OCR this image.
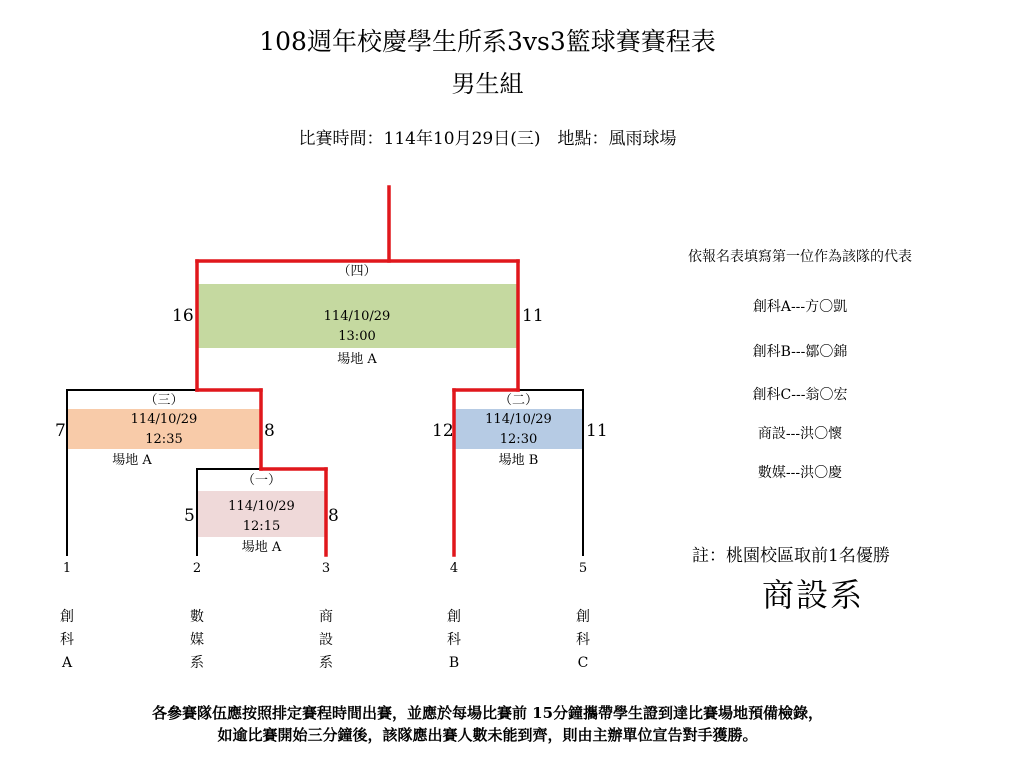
108週年校慶學生所系3vs3籃球賽賽程表
男生組
比賽時間：114年10月29日(三)　地點：風雨球場
（四）
114/10/29
13:00
場地 A
16	11
（三）
114/10/29
12:35
場地 A
7	8
（二）
114/10/29
12:30
場地 B
12	11
（一）
114/10/29
12:15
場地 A
5	8
1	2	3	4	5
創
科
A
數
媒
系
商
設
系
創
科
B
創
科
C
依報名表填寫第一位作為該隊的代表
創科A---方〇凱
創科B---鄒〇錦
創科C---翁〇宏
商設---洪〇懷
數媒---洪〇慶
註：桃園校區取前1名優勝
商設系
各參賽隊伍應按照排定賽程時間出賽，並應於每場比賽前 15分鐘攜帶學生證到達比賽場地預備檢錄，
如逾比賽開始三分鐘後，該隊應出賽人數未能到齊，則由主辦單位宣告對手獲勝。
